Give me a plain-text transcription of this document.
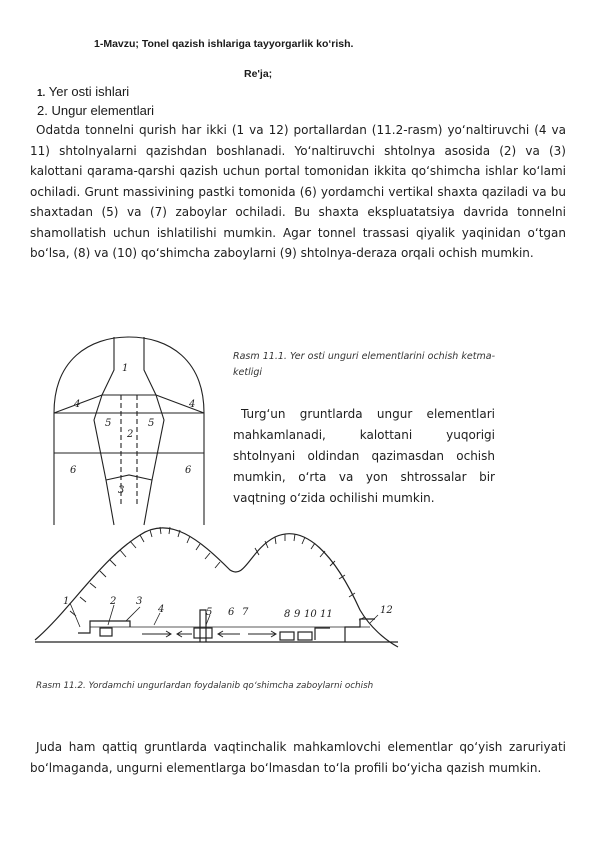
1-Mavzu; Tonel qazish ishlariga tayyorgarlik ko‘rish.
Re'ja;
1. Yer osti ishlari
2. Ungur elementlari
Odatda tonnelni qurish har ikki (1 va 12) portallardan (11.2-rasm) yo‘naltiruvchi (4 va 11) shtolnyalarni qazishdan boshlanadi. Yo‘naltiruvchi shtolnya asosida (2) va (3) kalottani qarama-qarshi qazish uchun portal tomonidan ikkita qo‘shimcha ishlar ko‘lami ochiladi. Grunt massivining pastki tomonida (6) yordamchi vertikal shaxta qaziladi va bu shaxtadan (5) va (7) zaboylar ochiladi. Bu shaxta ekspluatatsiya davrida tonnelni shamollatish uchun ishlatilishi mumkin. Agar tonnel trassasi qiyalik yaqinidan o‘tgan bo‘lsa, (8) va (10) qo‘shimcha zaboylarni (9) shtolnya-deraza orqali ochish mumkin.
1
2
3
4	4
5	5
6	6
Rasm 11.1. Yer osti unguri elementlarini ochish ketma-ketligi
Turg‘un gruntlarda ungur elementlari mahkamlanadi, kalottani yuqorigi shtolnyani oldindan qazimasdan ochish mumkin, o‘rta va yon shtrossalar bir vaqtning o‘zida ochilishi mumkin.
1	2 3
4	5 6 7	8 9 10 11	12
Rasm 11.2. Yordamchi ungurlardan foydalanib qo‘shimcha zaboylarni ochish
Juda ham qattiq gruntlarda vaqtinchalik mahkamlovchi elementlar qo‘yish zaruriyati bo‘lmaganda, ungurni elementlarga bo‘lmasdan to‘la profili bo‘yicha qazish mumkin.
